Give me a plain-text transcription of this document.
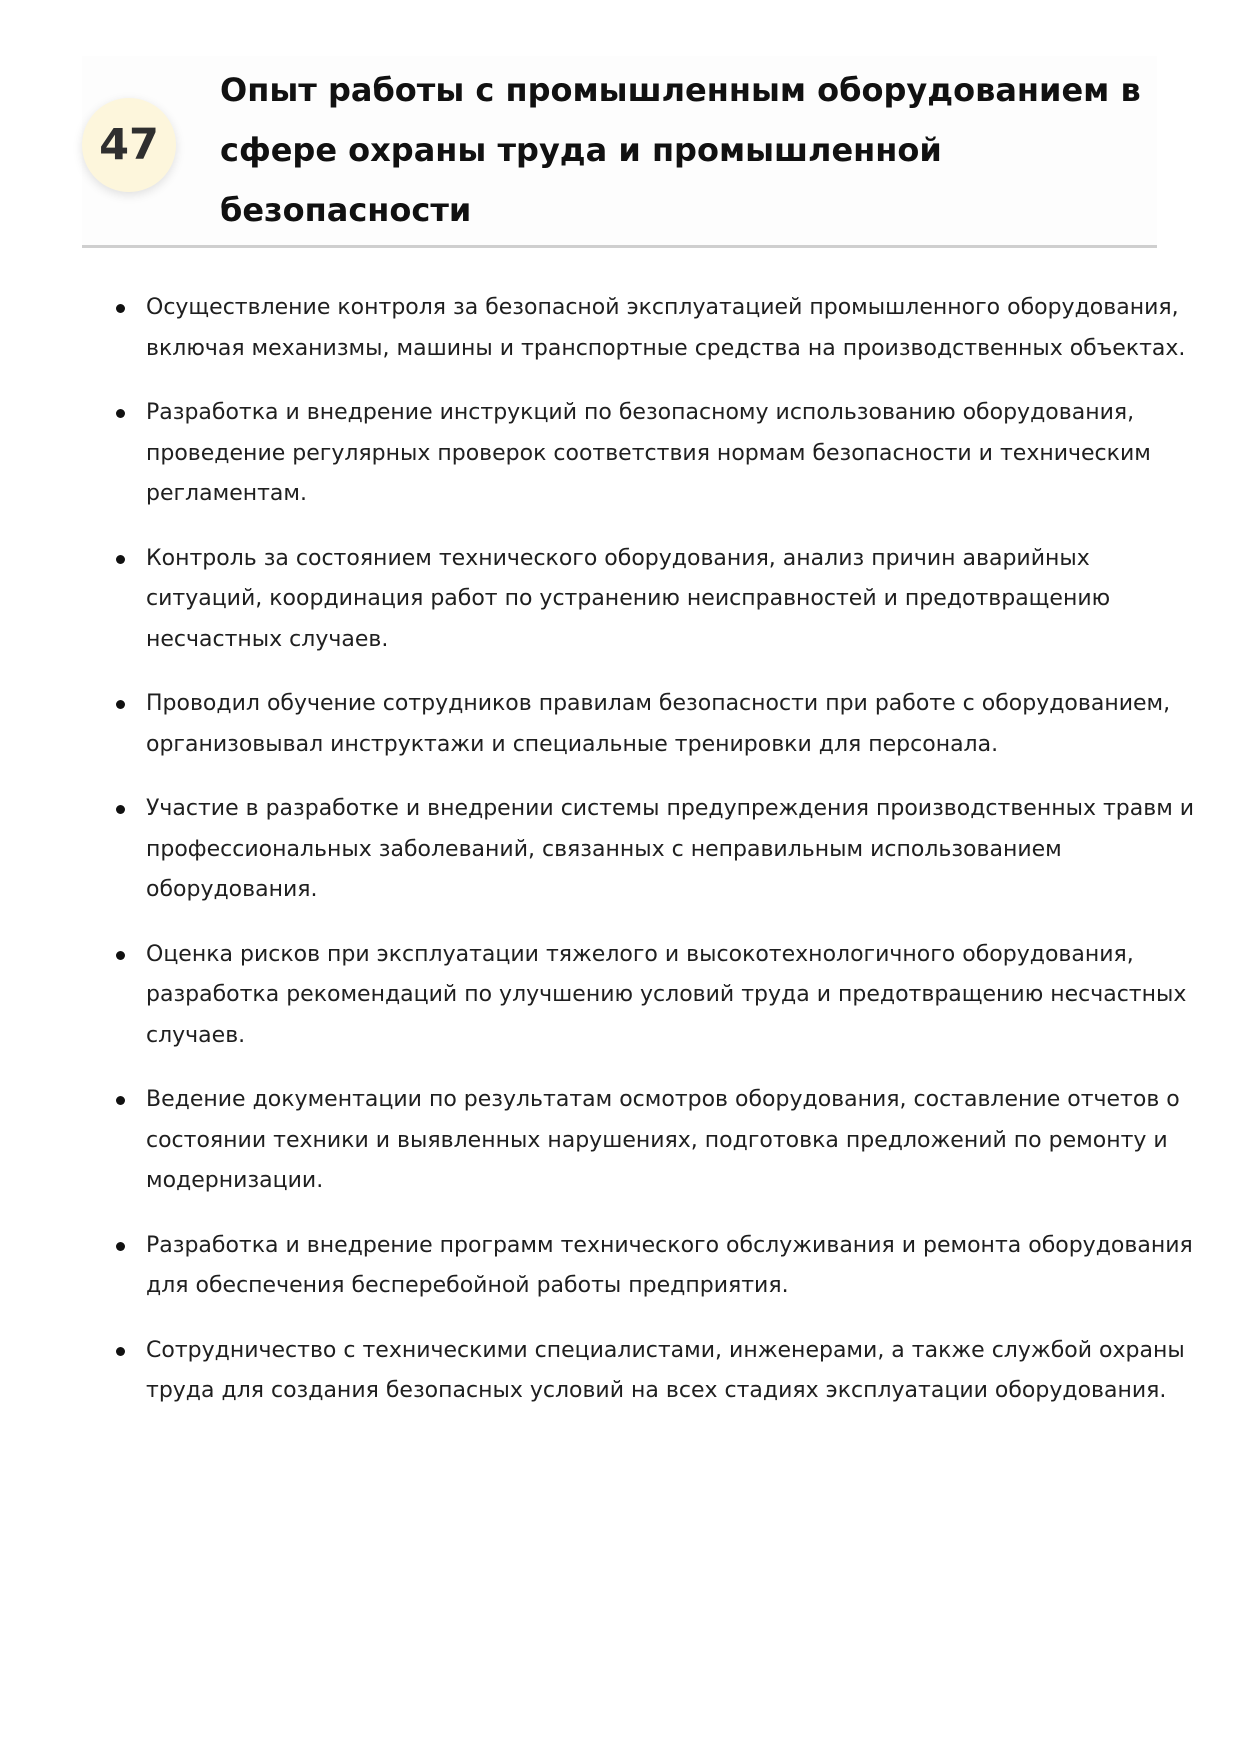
47
Опыт работы с промышленным оборудованием в сфере охраны труда и промышленной безопасности
Осуществление контроля за безопасной эксплуатацией промышленного оборудования, включая механизмы, машины и транспортные средства на производственных объектах.
Разработка и внедрение инструкций по безопасному использованию оборудования, проведение регулярных проверок соответствия нормам безопасности и техническим регламентам.
Контроль за состоянием технического оборудования, анализ причин аварийных ситуаций, координация работ по устранению неисправностей и предотвращению несчастных случаев.
Проводил обучение сотрудников правилам безопасности при работе с оборудованием, организовывал инструктажи и специальные тренировки для персонала.
Участие в разработке и внедрении системы предупреждения производственных травм и профессиональных заболеваний, связанных с неправильным использованием оборудования.
Оценка рисков при эксплуатации тяжелого и высокотехнологичного оборудования, разработка рекомендаций по улучшению условий труда и предотвращению несчастных случаев.
Ведение документации по результатам осмотров оборудования, составление отчетов о состоянии техники и выявленных нарушениях, подготовка предложений по ремонту и модернизации.
Разработка и внедрение программ технического обслуживания и ремонта оборудования для обеспечения бесперебойной работы предприятия.
Сотрудничество с техническими специалистами, инженерами, а также службой охраны труда для создания безопасных условий на всех стадиях эксплуатации оборудования.
